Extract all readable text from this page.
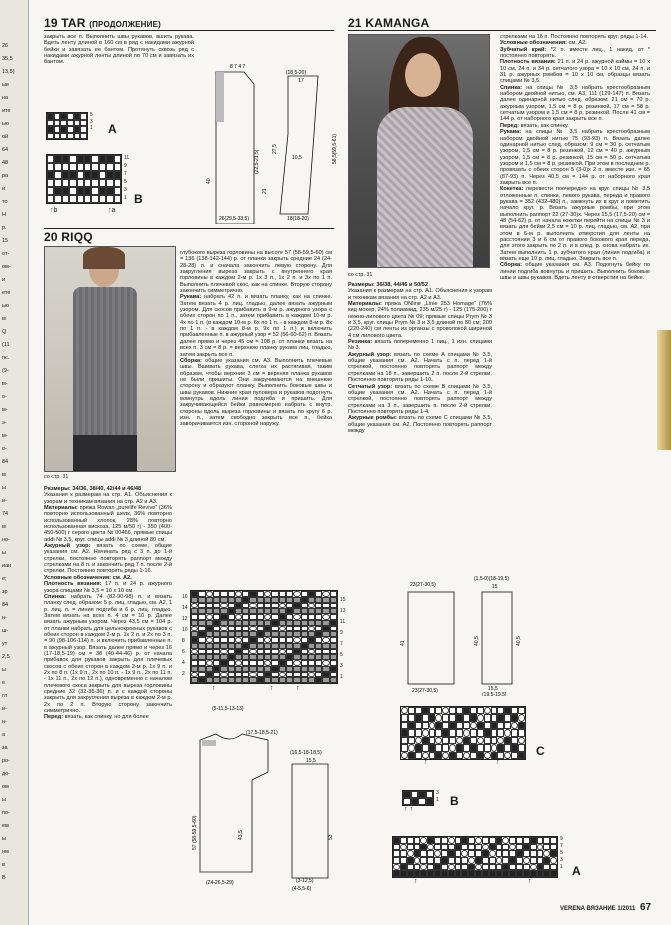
26
35,5
13,5)
ые
на
ите
ью
ой
64
48
ра
и
то
Н
р.
15
от-
ом-
и
ете
ью
м
Q
(11
пс.
(9-
м-
о-
м-
э-
м-
о-
84
м
ы
и-
74
м
но-
ы
иан
е;
зр
84
н-
ш-
ут
2,5
ы
е
гл
и-
н-
а
за
ро-
до-
ом
ы
по-
ем
ы
нм
в
В
19 TAR (ПРОДОЛЖЕНИЕ)
закрыть все п. Выполнить швы рукавов, вшить рукава. Вдеть ленту длиной в 160 см в ряд с накидами ажурной бейки и завязать ее бантом. Протянуть сквозь ряд с накидами ажурной ленты длиной по 70 см и завязать их бантом.
5
3
1 A
11
9
7
5
3
1 B
↑b	↑a
26(29,5-33,5)	18(18-20)
(18,5-20)
17
8 7 4 7
(22,5-21,5)
21
40
27,5
10,5	58,5(59,5-61)
20 RIQQ
со стр. 31
Размеры: 34/36, 38/40, 42/44 и 46/48
Указания к размерам на стр. А1. Объяснения к узорам и техникам вязания на стр. А2 и А3.
Материалы: пряжа Rowan „purelife Revive“ (36% повторно использованный шелк, 36% повторно использованный хлопок, 28% повторно использованная вискоза, 125 м/50 г) - 350 (400-450-500) г серого цвета № 00466, прямые спицы addi № 3,5, круг. спицы addi № 3 длиной 80 см.
Ажурный узор: вязать по схеме, общие указания см. А2. Начинать ряд с 3 п. до 1-й стрелки, постоянно повторять раппорт между стрелками на 8 п. и закончить ряд 7 п. после 2-й стрелки. Постоянно повторять ряды 1-16.
Условные обозначения: см. А2.
Плотность вязания: 17 п. и 24 р. ажурного узора спицами № 3,5 = 10 х 10 см.
Спинка: набрать 74 (82-90-98) п. и вязать планку след. образом: 5 р. лиц. гладью, см. А2, 1 р. лиц. п. = линия подгиба и 6 р. лиц. гладью. Затем вязать на всех п. 4 см = 10 р. Далее вязать ажурным узором. Через 43,5 см = 104 р. от планки набрать для цельнокроеных рукавов с обеих сторон в каждом 2-м р. 1х 2 п. и 2х по 3 п. = 90 (98-106-114) п. и включить прибавленные п. в ажурный узор. Вязать далее прямо и через 16 (17-18,5-19) см = 38 (40-44-46) р. от начала прибавок для рукавов закрыть для плечевых скосов с обеих сторон в каждом 2-м р. 1х 9 п. и 2х по 8 п. (1х 9 п., 2х по 10 п. - 1х 9 п., 2х по 11 п. - 1х 11 п., 2х по 12 п.), одновременно с началом плечевого скоса закрыть для выреза горловины средние 32 (32-36-36) п. и с каждой стороны закрыть для закругления выреза в каждом 2-м р. 2х по 2 п. Вторую сторону закончить симметрично.
Перед: вязать, как спинку, но для более
глубокого выреза горловины на высоте 57 (58-59,5-60) см = 136 (138-142-144) р. от планки закрыть средние 24 (24-28-28) п. и сначала закончить левую сторону. Для закругления выреза закрыть с внутреннего края горловины в каждом 2-м р. 1х 3 п., 1х 2 п. и 3х по 1 п. Выполнить плечевой скос, как на спинке. Вторую сторону закончить симметрично.
Рукава: набрать 42 п. и вязать планку, как на спинке. Затем вязать 4 р. лиц. гладью, далее вязать ажурным узором. Для скосов прибавить в 9-м р. ажурного узора с обеих сторон по 1 п., затем прибавить в каждом 10-м р. 4х по 1 п. (в каждом 10-м р. 6х по 1 п. - в каждом 8-м р. 8х по 1 п. - в каждом 8-м р. 9х по 1 п.) и включить прибавленные п. в ажурный узор = 52 (56-60-62) п. Вязать далее прямо и через 45 см = 108 р. от планки вязать на всех п. 3 см = 8 р. = верхнюю планку рукава лиц. гладью, затем закрыть все п.
Сборка: общие указания см. А3. Выполнить плечевые швы. Вшивать рукава, слегка их растягивая, таким образом, чтобы верхние 3 см = верхняя планка рукавов не были пришиты. Они закручиваются на внешнюю сторону и образуют планку. Выполнить боковые швы и швы рукавов. Нижние края пуловера и рукавов подогнуть вовнутрь вдоль линии подгиба и пришить. Для закручивающейся бейки равномерно набрать с внутр. стороны вдоль выреза горловины и вязать по кругу 6 р. изн. п., затем свободно закрыть все п., бейка заворачивается изн. стороной наружу.
16
14
12
10
8
6
4
2
15
13
11
9
7
5
3
1
↑	↑	↑
(5-11,5-13-13)
(17,5-18,5-21)
(16,5-18-18,5)
15,5
57 (58-59,5-60)	43,5	53
(24-26,5-29)
(4-5,5-6)
(3-12,5)
21 KAMANGA
со стр. 31
Размеры: 36/38, 44/46 и 50/52
Указания к размерам на стр. А1. Объяснения к узорам и техникам вязания на стр. А2 и А3.
Материалы: пряжа ONline „Linie 253 Homage“ (76% кид мохер, 24% полиамид, 235 м/25 г) - 125 (175-200) г нежно-лилового цвета № 09; прямые спицы Prym № 3 и 3,5, круг. спицы Prym № 3 и 3,5 длиной по 80 см; 200 (220-240) см ленты из органзы с проволокой шириной 4 см лилового цвета.
Резинка: вязать попеременно 1 лиц., 1 изн. спицами № 3.
Ажурный узор: вязать по схеме А спицами № 3,5, общие указания см. А2. Начать с п. перед 1-й стрелкой, постоянно повторять раппорт между стрелками на 18 п., завершить 2 п. после 2-й стрелки. Постоянно повторять ряды 1-10.
Сетчатый узор: вязать по схеме В спицами № 3,5, общие указания см. А2. Начать с п. перед 1-й стрелкой, постоянно повторять раппорт между стрелками на 3 п., завершить п. после 2-й стрелки. Постоянно повторять ряды 1-4.
Ажурные ромбы: вязать по схеме С спицами № 3,5, общие указания см. А2. Постоянно повторять раппорт между
стрелками на 16 п. Постоянно повторять круг. ряды 1-14.
Условные обозначения: см. А2.
Зубчатый край: *2 п. вместе лиц., 1 накид, от * постоянно повторять.
Плотность вязания: 21 п. и 24 р. ажурной каймы = 10 х 10 см, 24 п. и 34 р. сетчатого узора = 10 х 10 см, 24 п. и 31 р. ажурных ромбов = 10 х 10 см, образцы вязать спицами № 3,5.
Спинка: на спицы № 3,5 набрать крестообразным набором двойной нитью, см. А3, 111 (129-147) п. Вязать далее одинарной нитью след. образом: 21 см = 70 р. ажурным узором, 1,5 см = 8 р. резинкой, 17 см = 58 р. сетчатым узором и 1,5 см = 8 р. резинкой. После 41 см = 144 р. от наборного края закрыть все п.
Перед: вязать, как спинку.
Рукава: на спицы № 3,5 набрать крестообразным набором двойной нитью 75 (93-93) п. Вязать далее одинарной нитью след. образом: 9 см = 30 р. сетчатым узором, 1,5 см = 8 р. резинкой, 12 см = 40 р. ажурным узором, 1,5 см = 8 р. резинкой, 15 см = 50 р. сетчатым узором и 1,5 см = 8 р. резинкой. При этом в последнем р. провязать с обеих сторон 5 (3-0)х 2 п. вместе изн. = 65 (87-93) п. Через 40,5 см = 144 р. от наборного края закрыть все п.
Кокетка: перевести поочередно на круг. спицы № 3,5 отложенные п. спинки, левого рукава, переда и правого рукава = 352 (432-480) п., замкнуть их в круг и пометить начало круг. р. Вязать ажурные ромбы, при этом выполнить раппорт 22 (27-30)х. Через 15,5 (17,5-20) см = 48 (54-62) р. от начала кокетки перейти на спицы № 3 и вязать для бейки 2,5 см = 10 р. лиц. гладью, см. А2, при этом в 6-м р. выполнить отверстия для ленты на расстоянии 3 и 6 см от правого бокового края переда, для этого закрыть по 2 п. и в след. р. снова набрать их. Затем выполнить 1 р. зубчатого края (линия подгиба) и вязать еще 10 р. лиц. гладью. Закрыть все п.
Сборка: общие указания см. А3. Подогнуть бейку по линии подгиба вовнутрь и пришить. Выполнить боковые швы и швы рукавов. Вдеть ленту в отверстия на бейке.
23(27-30,5)
(1,5-0)(18-19,5)
15
41	40,5	40,5
15,5
(19,5-19,5)
23(27-30,5)
C
↑	↑
3
1 B
↑ ↑
9
7
5
3
1 A
↑	↑
VERENA ВЯЗАНИЕ 1/2011 67
